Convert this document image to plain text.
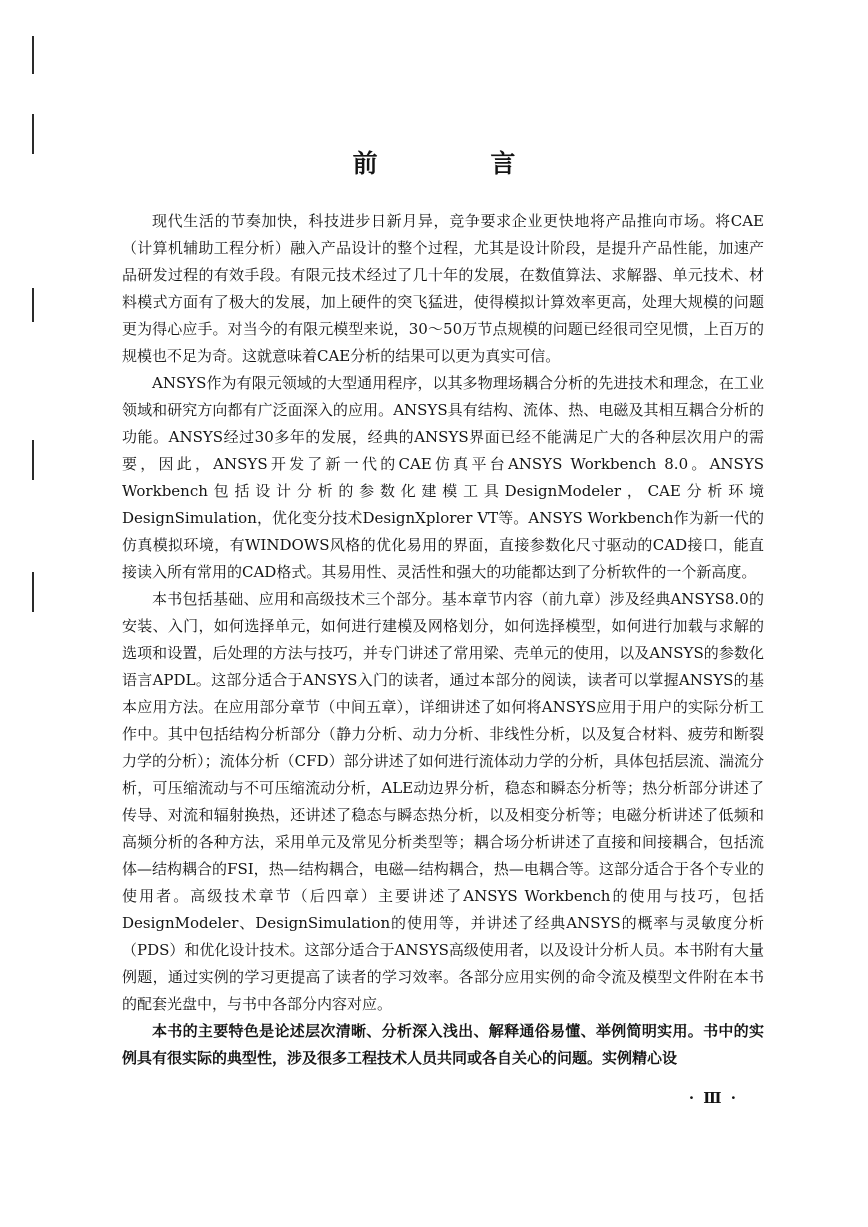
前 言

现代生活的节奏加快，科技进步日新月异，竞争要求企业更快地将产品推向市场。将CAE（计算机辅助工程分析）融入产品设计的整个过程，尤其是设计阶段，是提升产品性能，加速产品研发过程的有效手段。有限元技术经过了几十年的发展，在数值算法、求解器、单元技术、材料模式方面有了极大的发展，加上硬件的突飞猛进，使得模拟计算效率更高，处理大规模的问题更为得心应手。对当今的有限元模型来说，30～50万节点规模的问题已经很司空见惯，上百万的规模也不足为奇。这就意味着CAE分析的结果可以更为真实可信。

ANSYS作为有限元领域的大型通用程序，以其多物理场耦合分析的先进技术和理念，在工业领域和研究方向都有广泛面深入的应用。ANSYS具有结构、流体、热、电磁及其相互耦合分析的功能。ANSYS经过30多年的发展，经典的ANSYS界面已经不能满足广大的各种层次用户的需要，因此，ANSYS开发了新一代的CAE仿真平台ANSYS Workbench 8.0。ANSYS Workbench包括设计分析的参数化建模工具DesignModeler，CAE分析环境DesignSimulation，优化变分技术DesignXplorer VT等。ANSYS Workbench作为新一代的仿真模拟环境，有WINDOWS风格的优化易用的界面，直接参数化尺寸驱动的CAD接口，能直接读入所有常用的CAD格式。其易用性、灵活性和强大的功能都达到了分析软件的一个新高度。

本书包括基础、应用和高级技术三个部分。基本章节内容（前九章）涉及经典ANSYS8.0的安装、入门，如何选择单元，如何进行建模及网格划分，如何选择模型，如何进行加载与求解的选项和设置，后处理的方法与技巧，并专门讲述了常用梁、壳单元的使用，以及ANSYS的参数化语言APDL。这部分适合于ANSYS入门的读者，通过本部分的阅读，读者可以掌握ANSYS的基本应用方法。在应用部分章节（中间五章），详细讲述了如何将ANSYS应用于用户的实际分析工作中。其中包括结构分析部分（静力分析、动力分析、非线性分析，以及复合材料、疲劳和断裂力学的分析）；流体分析（CFD）部分讲述了如何进行流体动力学的分析，具体包括层流、湍流分析，可压缩流动与不可压缩流动分析，ALE动边界分析，稳态和瞬态分析等；热分析部分讲述了传导、对流和辐射换热，还讲述了稳态与瞬态热分析，以及相变分析等；电磁分析讲述了低频和高频分析的各种方法，采用单元及常见分析类型等；耦合场分析讲述了直接和间接耦合，包括流体—结构耦合的FSI，热—结构耦合，电磁—结构耦合，热—电耦合等。这部分适合于各个专业的使用者。高级技术章节（后四章）主要讲述了ANSYS Workbench的使用与技巧，包括DesignModeler、DesignSimulation的使用等，并讲述了经典ANSYS的概率与灵敏度分析（PDS）和优化设计技术。这部分适合于ANSYS高级使用者，以及设计分析人员。本书附有大量例题，通过实例的学习更提高了读者的学习效率。各部分应用实例的命令流及模型文件附在本书的配套光盘中，与书中各部分内容对应。

本书的主要特色是论述层次清晰、分析深入浅出、解释通俗易懂、举例简明实用。书中的实例具有很实际的典型性，涉及很多工程技术人员共同或各自关心的问题。实例精心设

· Ⅲ ·
